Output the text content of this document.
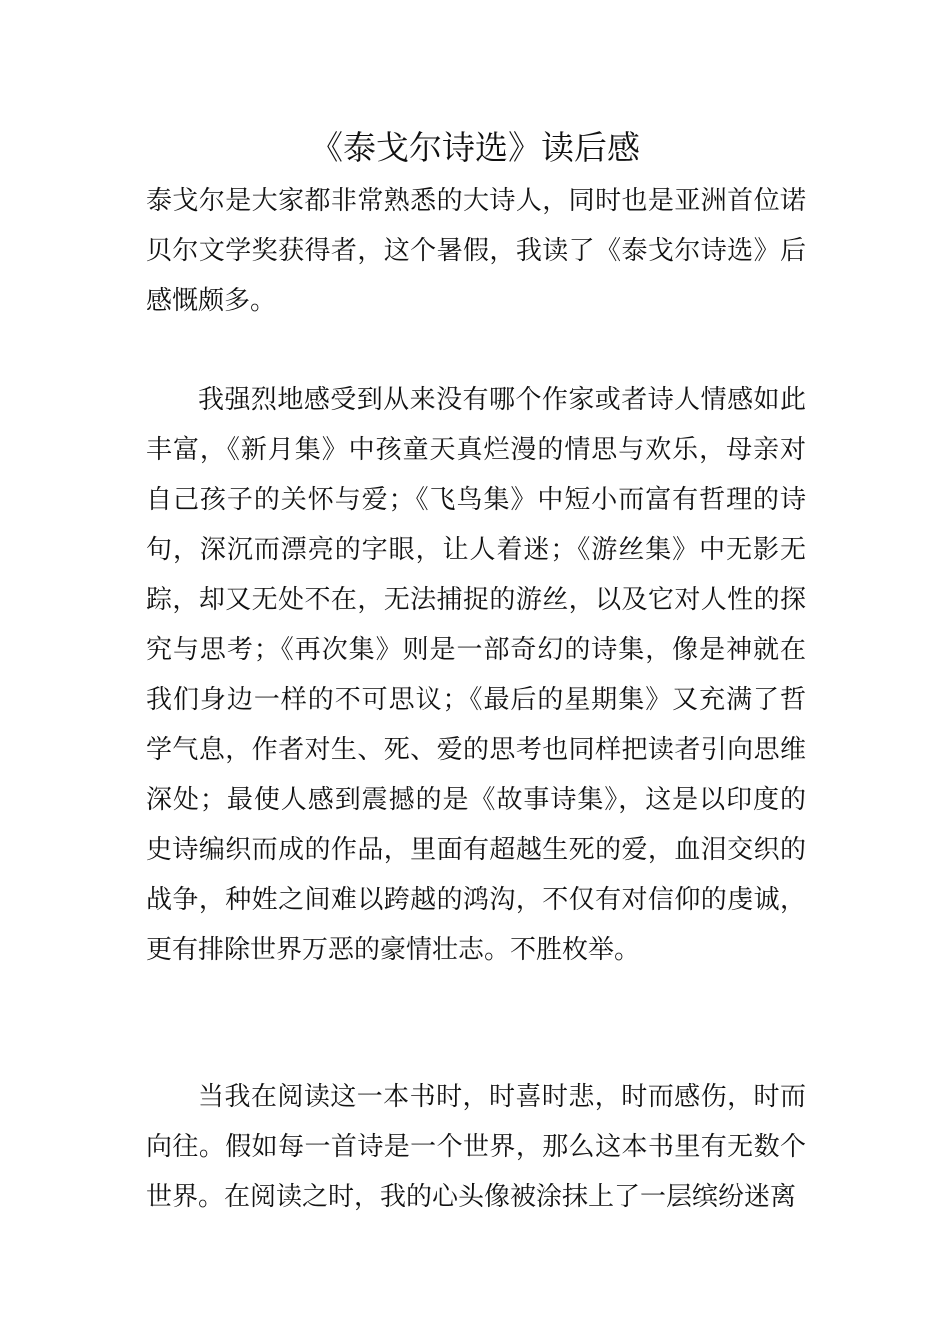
《泰戈尔诗选》读后感

泰戈尔是大家都非常熟悉的大诗人，同时也是亚洲首位诺贝尔文学奖获得者，这个暑假，我读了《泰戈尔诗选》后感慨颇多。

我强烈地感受到从来没有哪个作家或者诗人情感如此丰富，《新月集》中孩童天真烂漫的情思与欢乐，母亲对自己孩子的关怀与爱；《飞鸟集》中短小而富有哲理的诗句，深沉而漂亮的字眼，让人着迷；《游丝集》中无影无踪，却又无处不在，无法捕捉的游丝，以及它对人性的探究与思考；《再次集》则是一部奇幻的诗集，像是神就在我们身边一样的不可思议；《最后的星期集》又充满了哲学气息，作者对生、死、爱的思考也同样把读者引向思维深处；最使人感到震撼的是《故事诗集》，这是以印度的史诗编织而成的作品，里面有超越生死的爱，血泪交织的战争，种姓之间难以跨越的鸿沟，不仅有对信仰的虔诚，更有排除世界万恶的豪情壮志。不胜枚举。

当我在阅读这一本书时，时喜时悲，时而感伤，时而向往。假如每一首诗是一个世界，那么这本书里有无数个世界。在阅读之时，我的心头像被涂抹上了一层缤纷迷离
